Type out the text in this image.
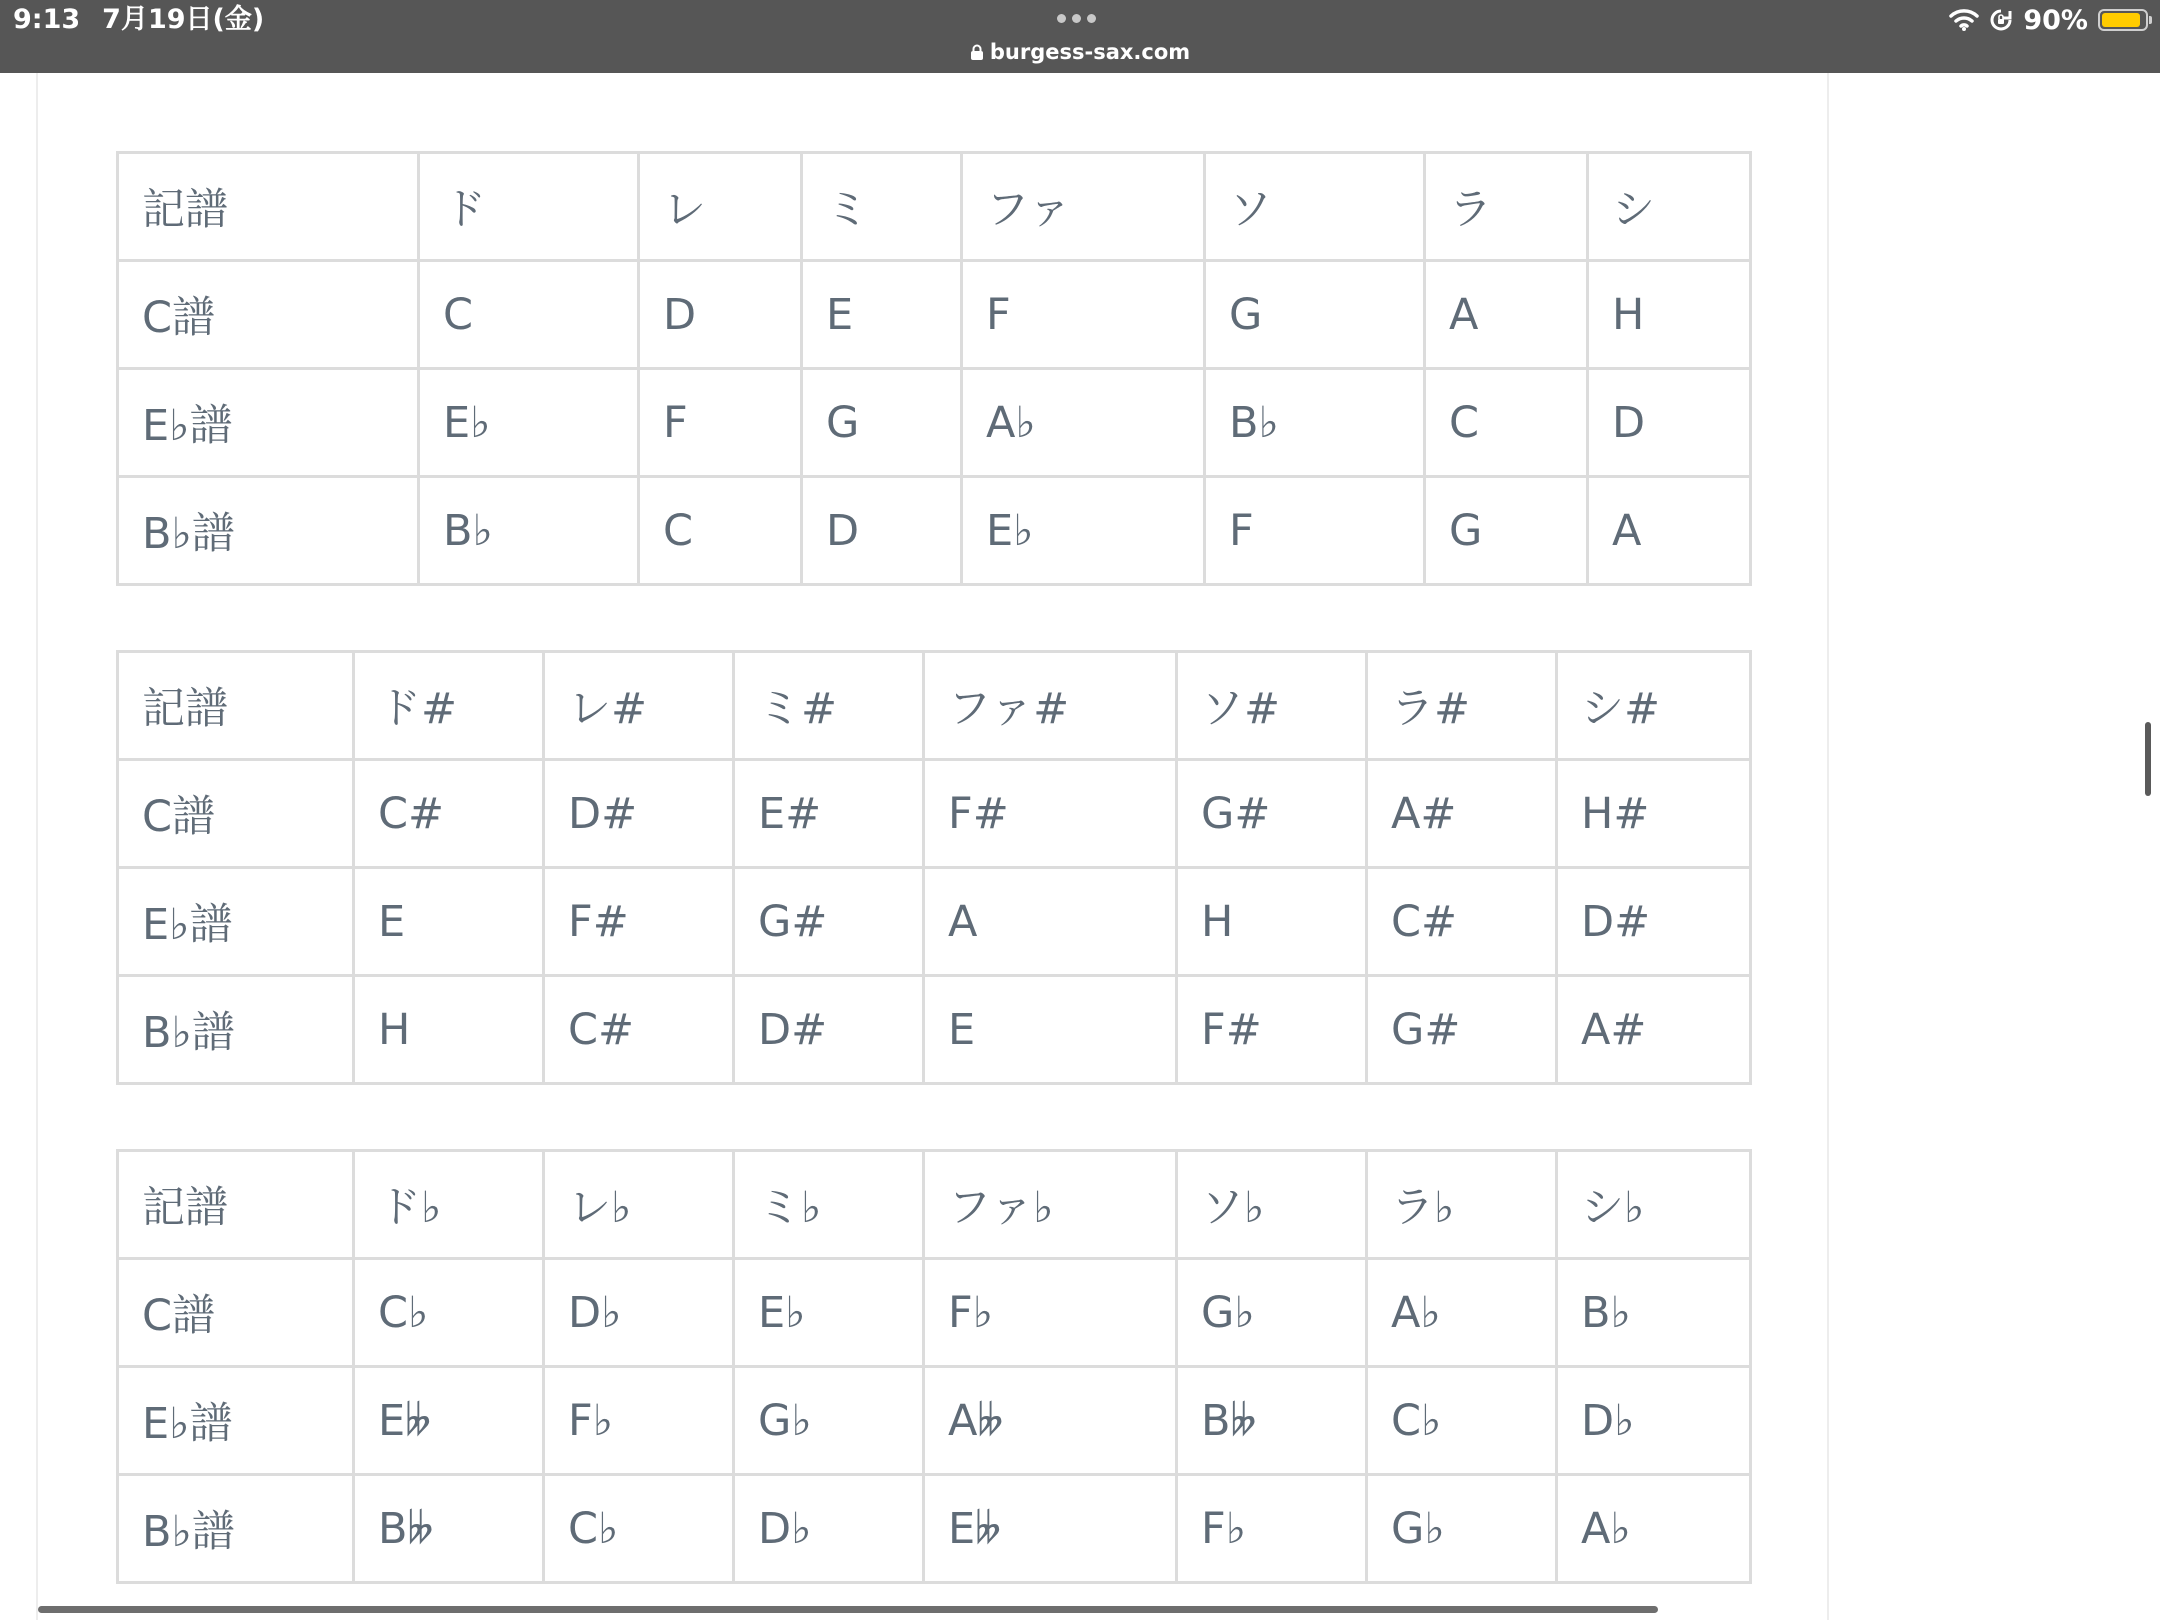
9:13 7月19日(金)
burgess-sax.com
90%
記譜	ド	レ	ミ	ファ	ソ	ラ	シ
C譜	C	D	E	F	G	A	H
E♭譜	E♭	F	G	A♭	B♭	C	D
B♭譜	B♭	C	D	E♭	F	G	A
記譜	ド#	レ#	ミ#	ファ#	ソ#	ラ#	シ#
C譜	C#	D#	E#	F#	G#	A#	H#
E♭譜	E	F#	G#	A	H	C#	D#
B♭譜	H	C#	D#	E	F#	G#	A#
記譜	ド♭	レ♭	ミ♭	ファ♭	ソ♭	ラ♭	シ♭
C譜	C♭	D♭	E♭	F♭	G♭	A♭	B♭
E♭譜	E𝄫	F♭	G♭	A𝄫	B𝄫	C♭	D♭
B♭譜	B𝄫	C♭	D♭	E𝄫	F♭	G♭	A♭
